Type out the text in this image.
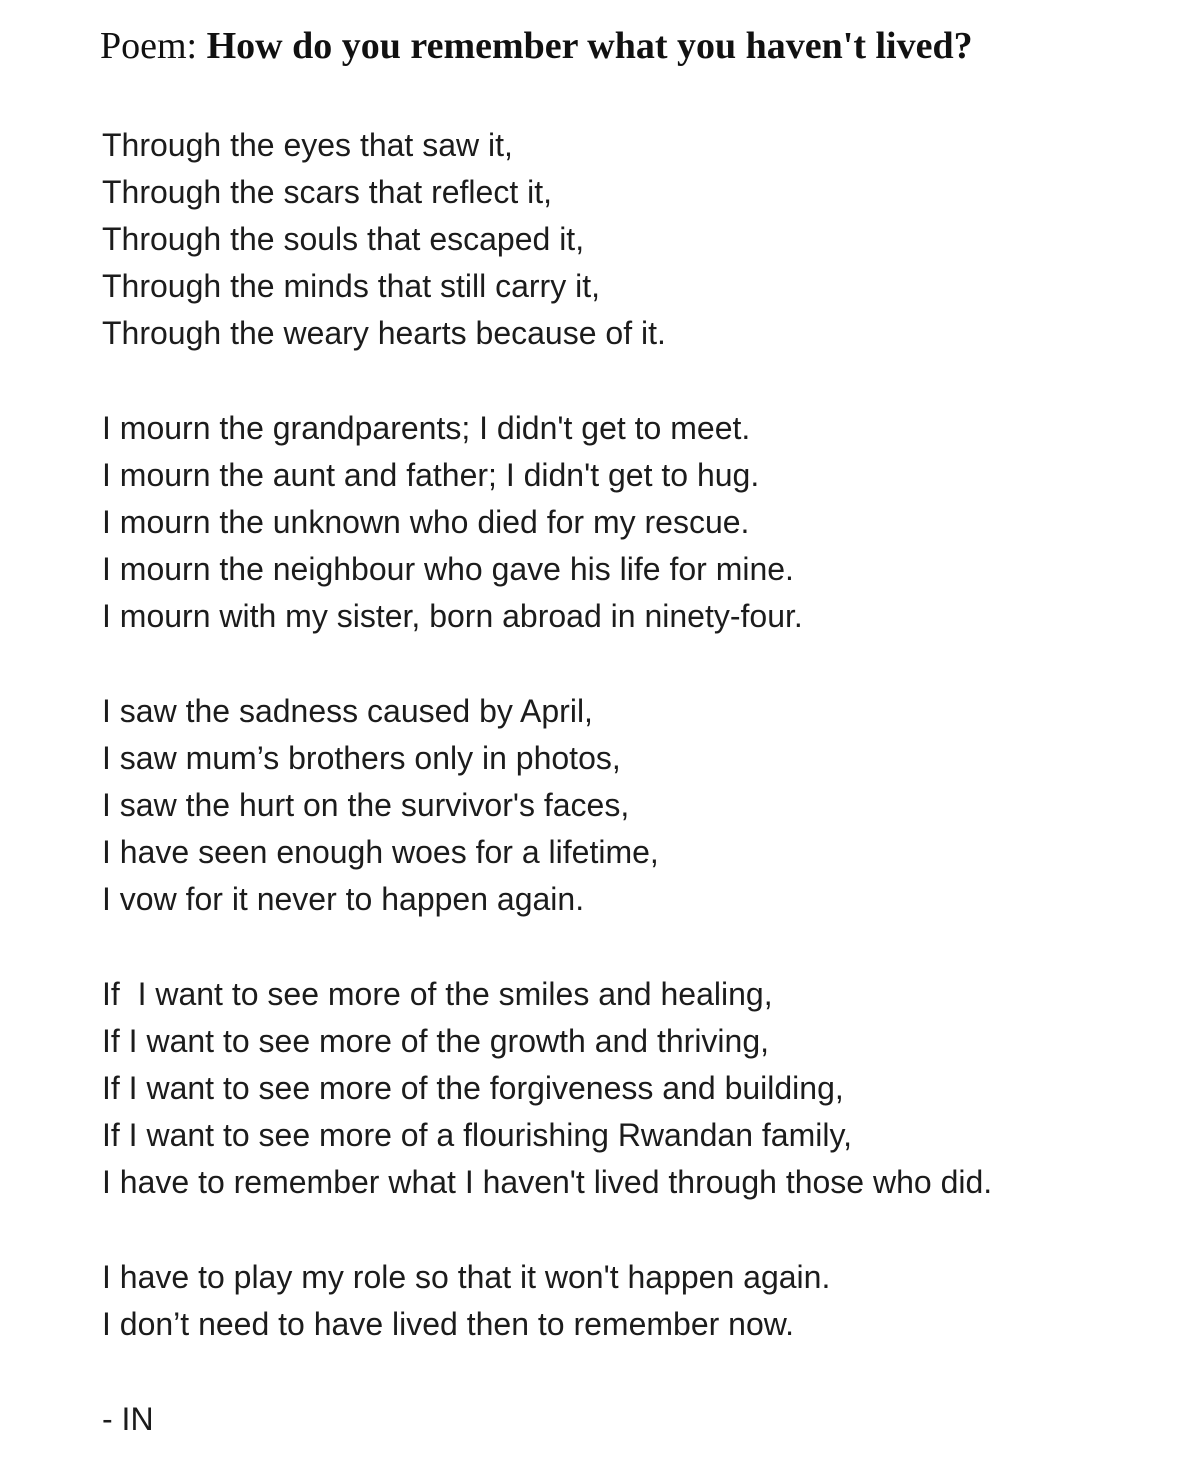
Poem: How do you remember what you haven't lived?
Through the eyes that saw it,
Through the scars that reflect it,
Through the souls that escaped it,
Through the minds that still carry it,
Through the weary hearts because of it.
I mourn the grandparents; I didn't get to meet.
I mourn the aunt and father; I didn't get to hug.
I mourn the unknown who died for my rescue.
I mourn the neighbour who gave his life for mine.
I mourn with my sister, born abroad in ninety-four.
I saw the sadness caused by April,
I saw mum’s brothers only in photos,
I saw the hurt on the survivor's faces,
I have seen enough woes for a lifetime,
I vow for it never to happen again.
If  I want to see more of the smiles and healing,
If I want to see more of the growth and thriving,
If I want to see more of the forgiveness and building,
If I want to see more of a flourishing Rwandan family,
I have to remember what I haven't lived through those who did.
I have to play my role so that it won't happen again.
I don’t need to have lived then to remember now.
- IN
